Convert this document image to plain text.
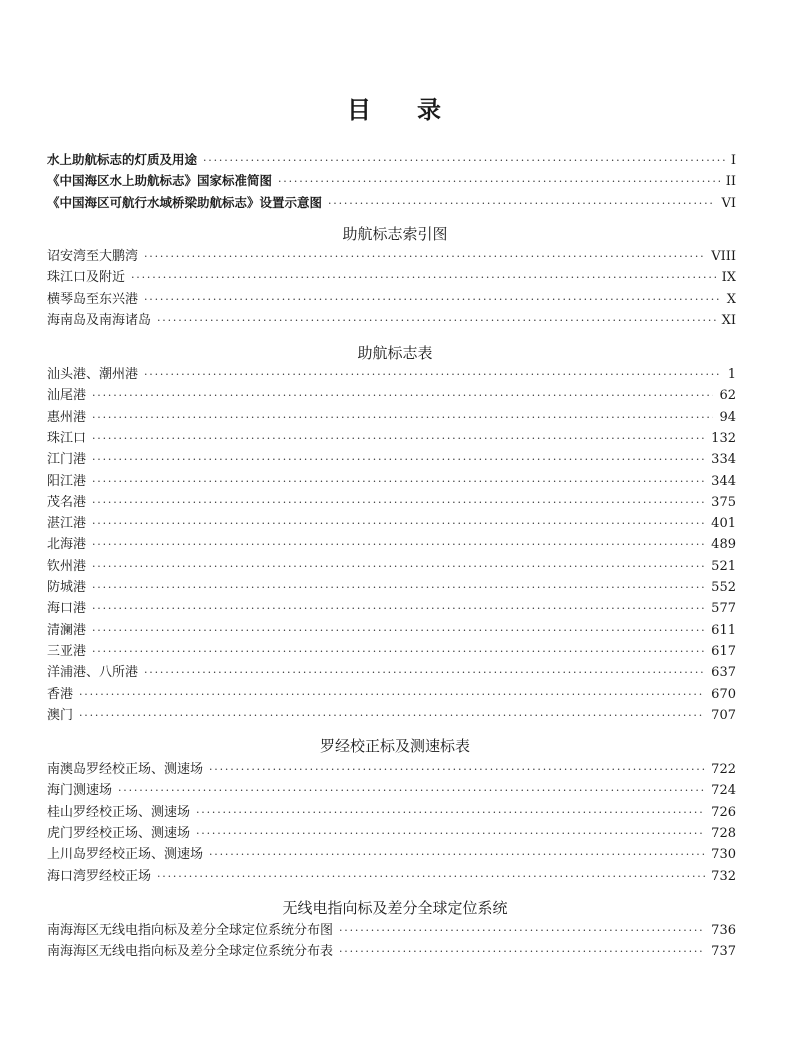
目 录
水上助航标志的灯质及用途 ·····	I
《中国海区水上助航标志》国家标准简图 ·····	II
《中国海区可航行水域桥梁助航标志》设置示意图 ·····	VI
助航标志索引图
诏安湾至大鹏湾 ·····	VIII
珠江口及附近 ·····	IX
横琴岛至东兴港 ·····	X
海南岛及南海诸岛 ·····	XI
助航标志表
汕头港、潮州港 ·····	1
汕尾港 ·····	62
惠州港 ·····	94
珠江口 ·····	132
江门港 ·····	334
阳江港 ·····	344
茂名港 ·····	375
湛江港 ·····	401
北海港 ·····	489
钦州港 ·····	521
防城港 ·····	552
海口港 ·····	577
清澜港 ·····	611
三亚港 ·····	617
洋浦港、八所港 ·····	637
香港 ·····	670
澳门 ·····	707
罗经校正标及测速标表
南澳岛罗经校正场、测速场 ·····	722
海门测速场 ·····	724
桂山罗经校正场、测速场 ·····	726
虎门罗经校正场、测速场 ·····	728
上川岛罗经校正场、测速场 ·····	730
海口湾罗经校正场 ·····	732
无线电指向标及差分全球定位系统
南海海区无线电指向标及差分全球定位系统分布图 ·····	736
南海海区无线电指向标及差分全球定位系统分布表 ·····	737
